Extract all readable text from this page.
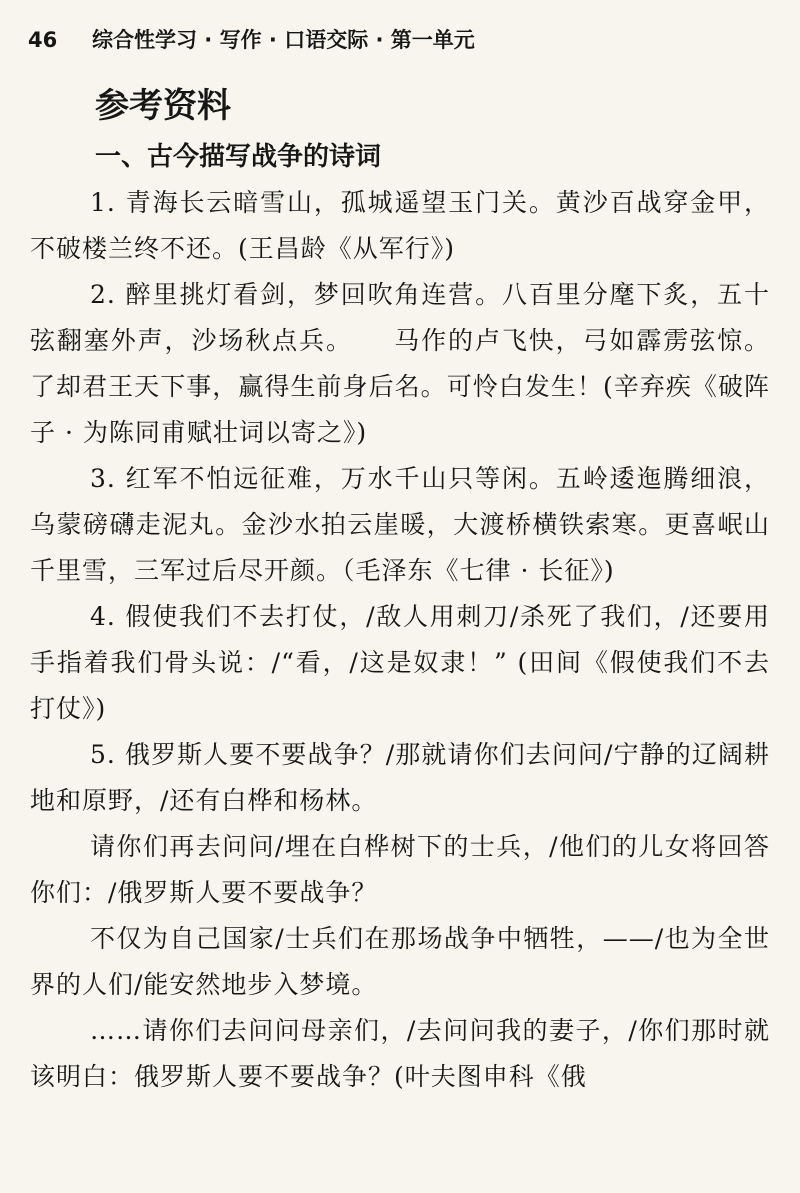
46 综合性学习 · 写作 · 口语交际 · 第一单元
参考资料
一、古今描写战争的诗词

1. 青海长云暗雪山，孤城遥望玉门关。黄沙百战穿金甲，不破楼兰终不还。(王昌龄《从军行》)

2. 醉里挑灯看剑，梦回吹角连营。八百里分麾下炙，五十弦翻塞外声，沙场秋点兵。　　马作的卢飞快，弓如霹雳弦惊。了却君王天下事，赢得生前身后名。可怜白发生！(辛弃疾《破阵子 · 为陈同甫赋壮词以寄之》)

3. 红军不怕远征难，万水千山只等闲。五岭逶迤腾细浪，乌蒙磅礴走泥丸。金沙水拍云崖暖，大渡桥横铁索寒。更喜岷山千里雪，三军过后尽开颜。（毛泽东《七律 · 长征》)

4. 假使我们不去打仗，/敌人用刺刀/杀死了我们，/还要用手指着我们骨头说：/“看，/这是奴隶！” (田间《假使我们不去打仗》)

5. 俄罗斯人要不要战争？/那就请你们去问问/宁静的辽阔耕地和原野，/还有白桦和杨林。

请你们再去问问/埋在白桦树下的士兵，/他们的儿女将回答你们：/俄罗斯人要不要战争？

不仅为自己国家/士兵们在那场战争中牺牲，——/也为全世界的人们/能安然地步入梦境。

……请你们去问问母亲们，/去问问我的妻子，/你们那时就该明白：俄罗斯人要不要战争？(叶夫图申科《俄
